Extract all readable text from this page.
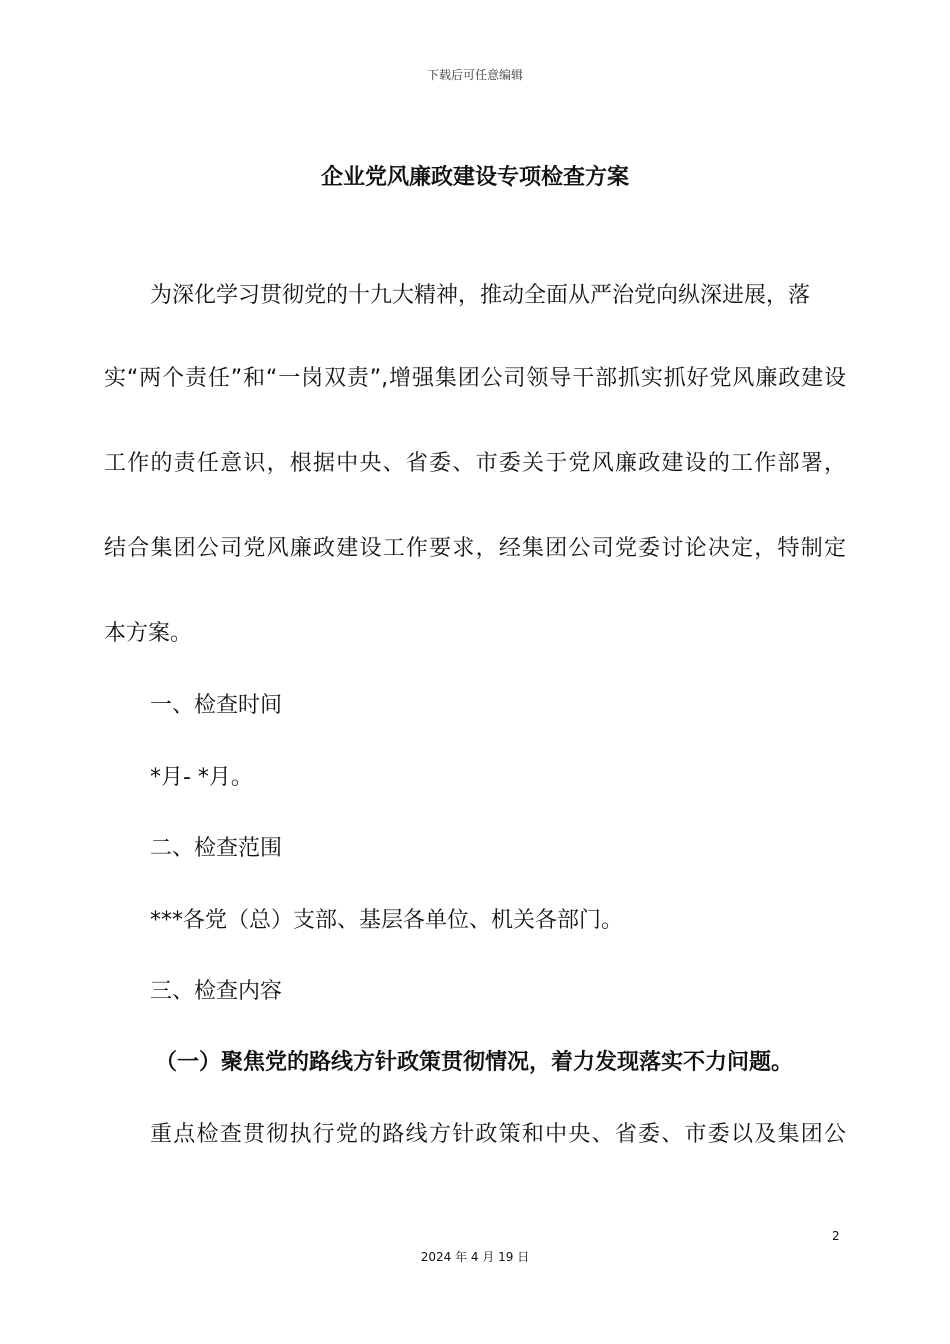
下载后可任意编辑
企业党风廉政建设专项检查方案
为深化学习贯彻党的十九大精神，推动全面从严治党向纵深进展，落
实“两个责任”和“一岗双责”,增强集团公司领导干部抓实抓好党风廉政建设
工作的责任意识，根据中央、省委、市委关于党风廉政建设的工作部署，
结合集团公司党风廉政建设工作要求，经集团公司党委讨论决定，特制定
本方案。
一、检查时间
*月- *月。
二、检查范围
***各党（总）支部、基层各单位、机关各部门。
三、检查内容
（一）聚焦党的路线方针政策贯彻情况，着力发现落实不力问题。
重点检查贯彻执行党的路线方针政策和中央、省委、市委以及集团公
2
2024 年 4 月 19 日
